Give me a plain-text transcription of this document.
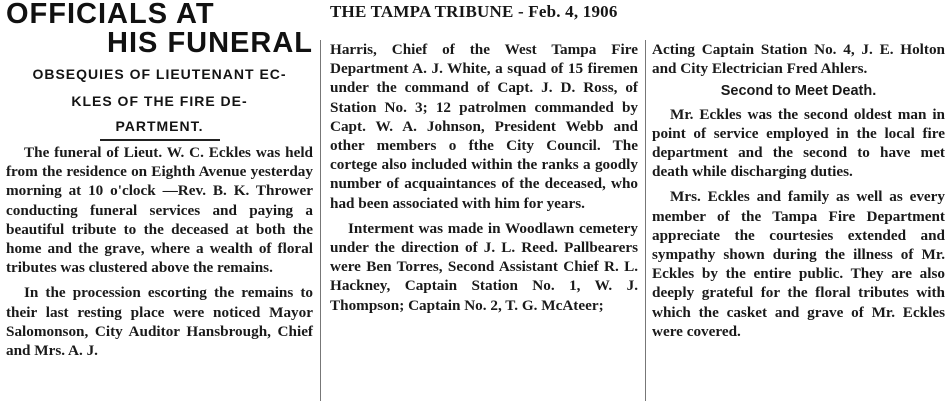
THE TAMPA TRIBUNE - Feb. 4, 1906
OFFICIALS AT
HIS FUNERAL
OBSEQUIES OF LIEUTENANT EC-
KLES OF THE FIRE DE-
PARTMENT.

The funeral of Lieut. W. C. Eckles was held from the residence on Eighth Avenue yesterday morning at 10 o'clock —Rev. B. K. Thrower conducting funeral services and paying a beautiful tribute to the deceased at both the home and the grave, where a wealth of floral tributes was clustered above the remains.

In the procession escorting the remains to their last resting place were noticed Mayor Salomonson, City Auditor Hansbrough, Chief and Mrs. A. J.

Harris, Chief of the West Tampa Fire Department A. J. White, a squad of 15 firemen under the command of Capt. J. D. Ross, of Station No. 3; 12 patrolmen commanded by Capt. W. A. Johnson, President Webb and other members o fthe City Council. The cortege also included within the ranks a goodly number of acquaintances of the deceased, who had been associated with him for years.

Interment was made in Woodlawn cemetery under the direction of J. L. Reed. Pallbearers were Ben Torres, Second Assistant Chief R. L. Hackney, Captain Station No. 1, W. J. Thompson; Captain No. 2, T. G. McAteer;

Acting Captain Station No. 4, J. E. Holton and City Electrician Fred Ahlers.

Second to Meet Death.

Mr. Eckles was the second oldest man in point of service employed in the local fire department and the second to have met death while discharging duties.

Mrs. Eckles and family as well as every member of the Tampa Fire Department appreciate the courtesies extended and sympathy shown during the illness of Mr. Eckles by the entire public. They are also deeply grateful for the floral tributes with which the casket and grave of Mr. Eckles were covered.
